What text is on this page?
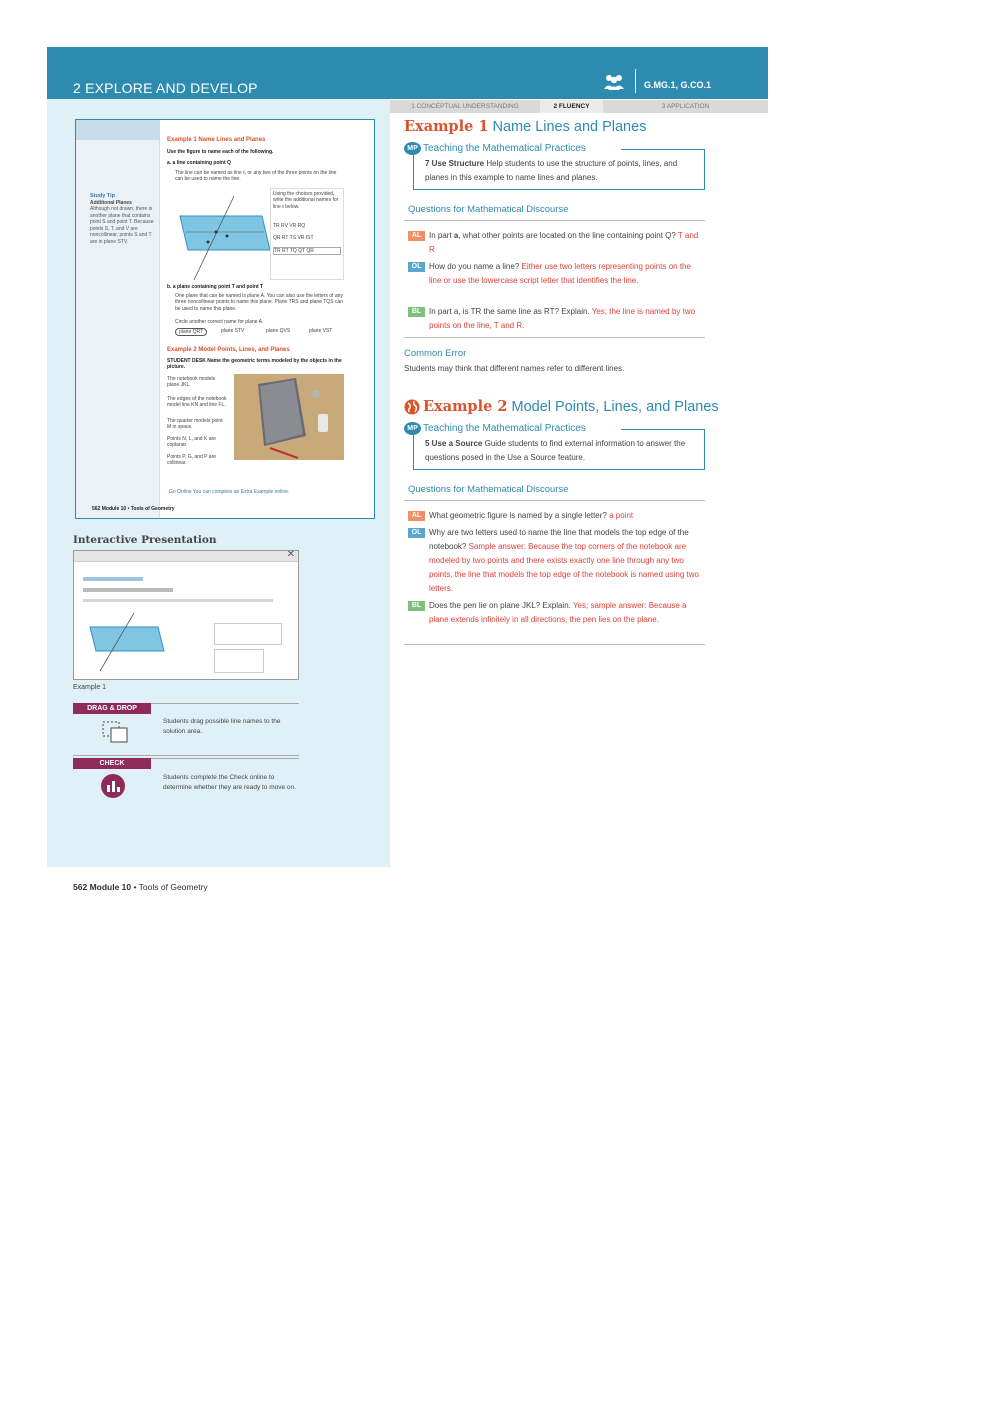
2 EXPLORE AND DEVELOP	G.MG.1, G.CO.1
1 CONCEPTUAL UNDERSTANDING	2 FLUENCY	3 APPLICATION
Example 1 Name Lines and Planes
Use the figure to name each of the following.
a. a line containing point Q
The line can be named as line ℓ, or any two of the three points on the line can be used to name the line.
Using the choices provided, write the additional names for line ℓ below.
TR RV VR RQ
QR RT TS VR IST
TR RT TQ QT QR
b. a plane containing point T and point T
One plane that can be named is plane A. You can also use the letters of any three noncollinear points to name this plane. Plane TRS and plane TQS can be used to name this plane.
Circle another correct name for plane A.
plane QRT	plane STV	plane QVS	plane VST
Example 2 Model Points, Lines, and Planes
STUDENT DESK Name the geometric terms modeled by the objects in the picture.
The notebook models plane JKL.
The edges of the notebook model line KN and line FL.
The quarter models point M in space.
Points N, L, and K are coplanar.
Points P, G, and P are collinear.
Go Online You can complete an Extra Example online.
562 Module 10 • Tools of Geometry
Study Tip
Additional Planes
Although not drawn, there is another plane that contains point S and point T. Because points S, T, and V are noncollinear, points S and T are in plane STV.
Interactive Presentation
✕
Example 1
DRAG & DROP
Students drag possible line names to the solution area.
CHECK
Students complete the Check online to determine whether they are ready to move on.
562 Module 10 • Tools of Geometry
Example 1 Name Lines and Planes
MP Teaching the Mathematical Practices
7 Use Structure Help students to use the structure of points, lines, and planes in this example to name lines and planes.
Questions for Mathematical Discourse
AL In part a, what other points are located on the line containing point Q? T and R
OL How do you name a line? Either use two letters representing points on the line or use the lowercase script letter that identifies the line.
BL In part a, is TR the same line as RT? Explain. Yes; the line is named by two points on the line, T and R.
Common Error
Students may think that different names refer to different lines.
Example 2
Model Points, Lines, and Planes
MP Teaching the Mathematical Practices
5 Use a Source Guide students to find external information to answer the questions posed in the Use a Source feature.
Questions for Mathematical Discourse
AL What geometric figure is named by a single letter? a point
OL Why are two letters used to name the line that models the top edge of the notebook? Sample answer: Because the top corners of the notebook are modeled by two points and there exists exactly one line through any two points, the line that models the top edge of the notebook is named using two letters.
BL Does the pen lie on plane JKL? Explain. Yes; sample answer: Because a plane extends infinitely in all directions, the pen lies on the plane.
